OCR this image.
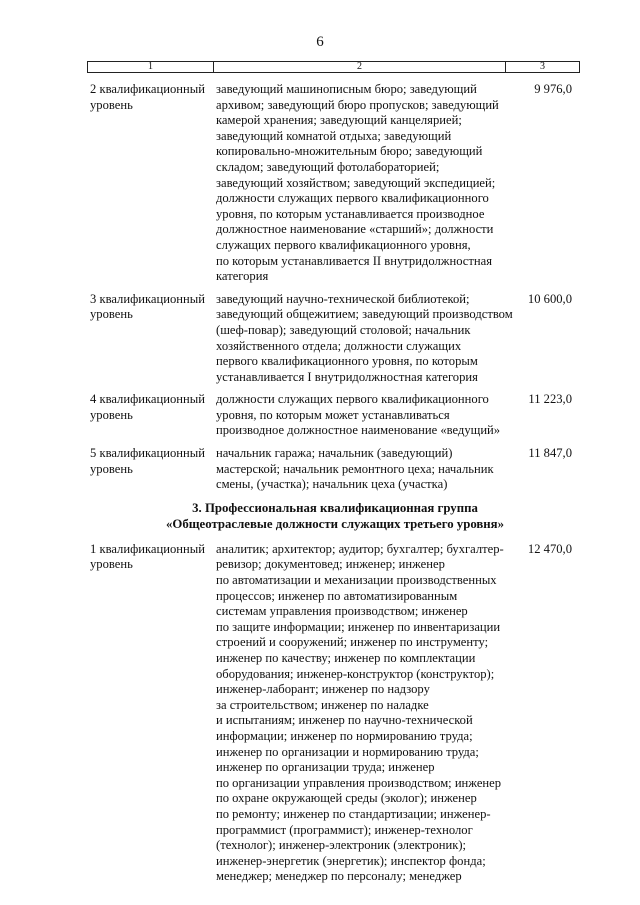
6
1	2	3
2 квалификационный
уровень
заведующий машинописным бюро; заведующий
архивом; заведующий бюро пропусков; заведующий
камерой хранения; заведующий канцелярией;
заведующий комнатой отдыха; заведующий
копировально-множительным бюро; заведующий
складом; заведующий фотолабораторией;
заведующий хозяйством; заведующий экспедицией;
должности служащих первого квалификационного
уровня, по которым устанавливается производное
должностное наименование «старший»; должности
служащих первого квалификационного уровня,
по которым устанавливается II внутридолжностная
категория
9 976,0
3 квалификационный
уровень
заведующий научно-технической библиотекой;
заведующий общежитием; заведующий производством
(шеф-повар); заведующий столовой; начальник
хозяйственного отдела; должности служащих
первого квалификационного уровня, по которым
устанавливается I внутридолжностная категория
10 600,0
4 квалификационный
уровень
должности служащих первого квалификационного
уровня, по которым может устанавливаться
производное должностное наименование «ведущий»
11 223,0
5 квалификационный
уровень
начальник гаража; начальник (заведующий)
мастерской; начальник ремонтного цеха; начальник
смены, (участка); начальник цеха (участка)
11 847,0
3. Профессиональная квалификационная группа
«Общеотраслевые должности служащих третьего уровня»
1 квалификационный
уровень
аналитик; архитектор; аудитор; бухгалтер; бухгалтер-
ревизор; документовед; инженер; инженер
по автоматизации и механизации производственных
процессов; инженер по автоматизированным
системам управления производством; инженер
по защите информации; инженер по инвентаризации
строений и сооружений; инженер по инструменту;
инженер по качеству; инженер по комплектации
оборудования; инженер-конструктор (конструктор);
инженер-лаборант; инженер по надзору
за строительством; инженер по наладке
и испытаниям; инженер по научно-технической
информации; инженер по нормированию труда;
инженер по организации и нормированию труда;
инженер по организации труда; инженер
по организации управления производством; инженер
по охране окружающей среды (эколог); инженер
по ремонту; инженер по стандартизации; инженер-
программист (программист); инженер-технолог
(технолог); инженер-электроник (электроник);
инженер-энергетик (энергетик); инспектор фонда;
менеджер; менеджер по персоналу; менеджер
12 470,0
